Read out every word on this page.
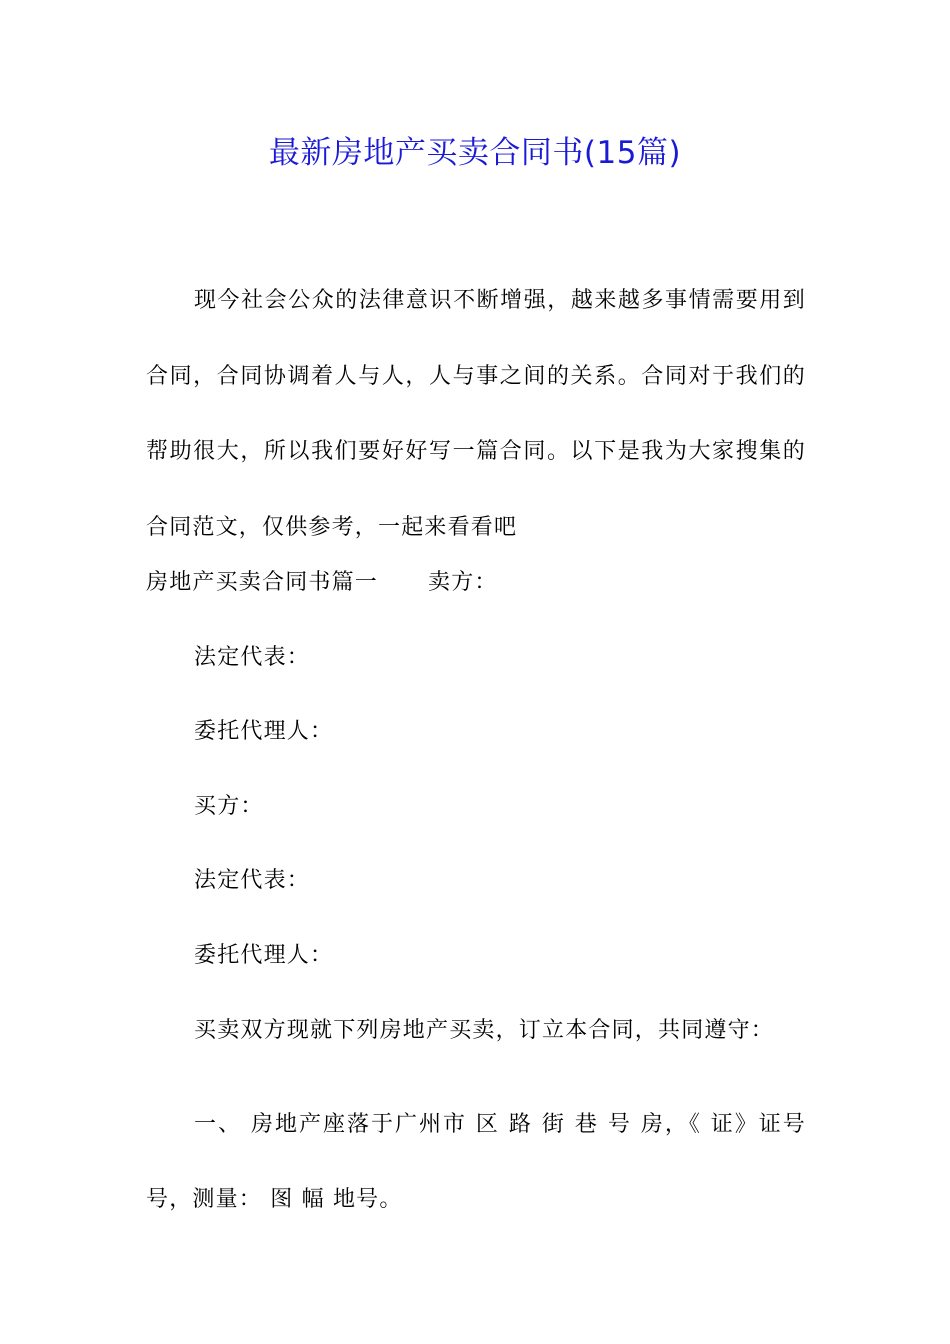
最新房地产买卖合同书(15篇)

现今社会公众的法律意识不断增强，越来越多事情需要用到合同，合同协调着人与人，人与事之间的关系。合同对于我们的帮助很大，所以我们要好好写一篇合同。以下是我为大家搜集的合同范文，仅供参考，一起来看看吧

房地产买卖合同书篇一 卖方：

法定代表：

委托代理人：

买方：

法定代表：

委托代理人：

买卖双方现就下列房地产买卖，订立本合同，共同遵守：

一、 房地产座落于广州市 区 路 街 巷 号 房，《 证》证号 号，测量： 图 幅 地号。
